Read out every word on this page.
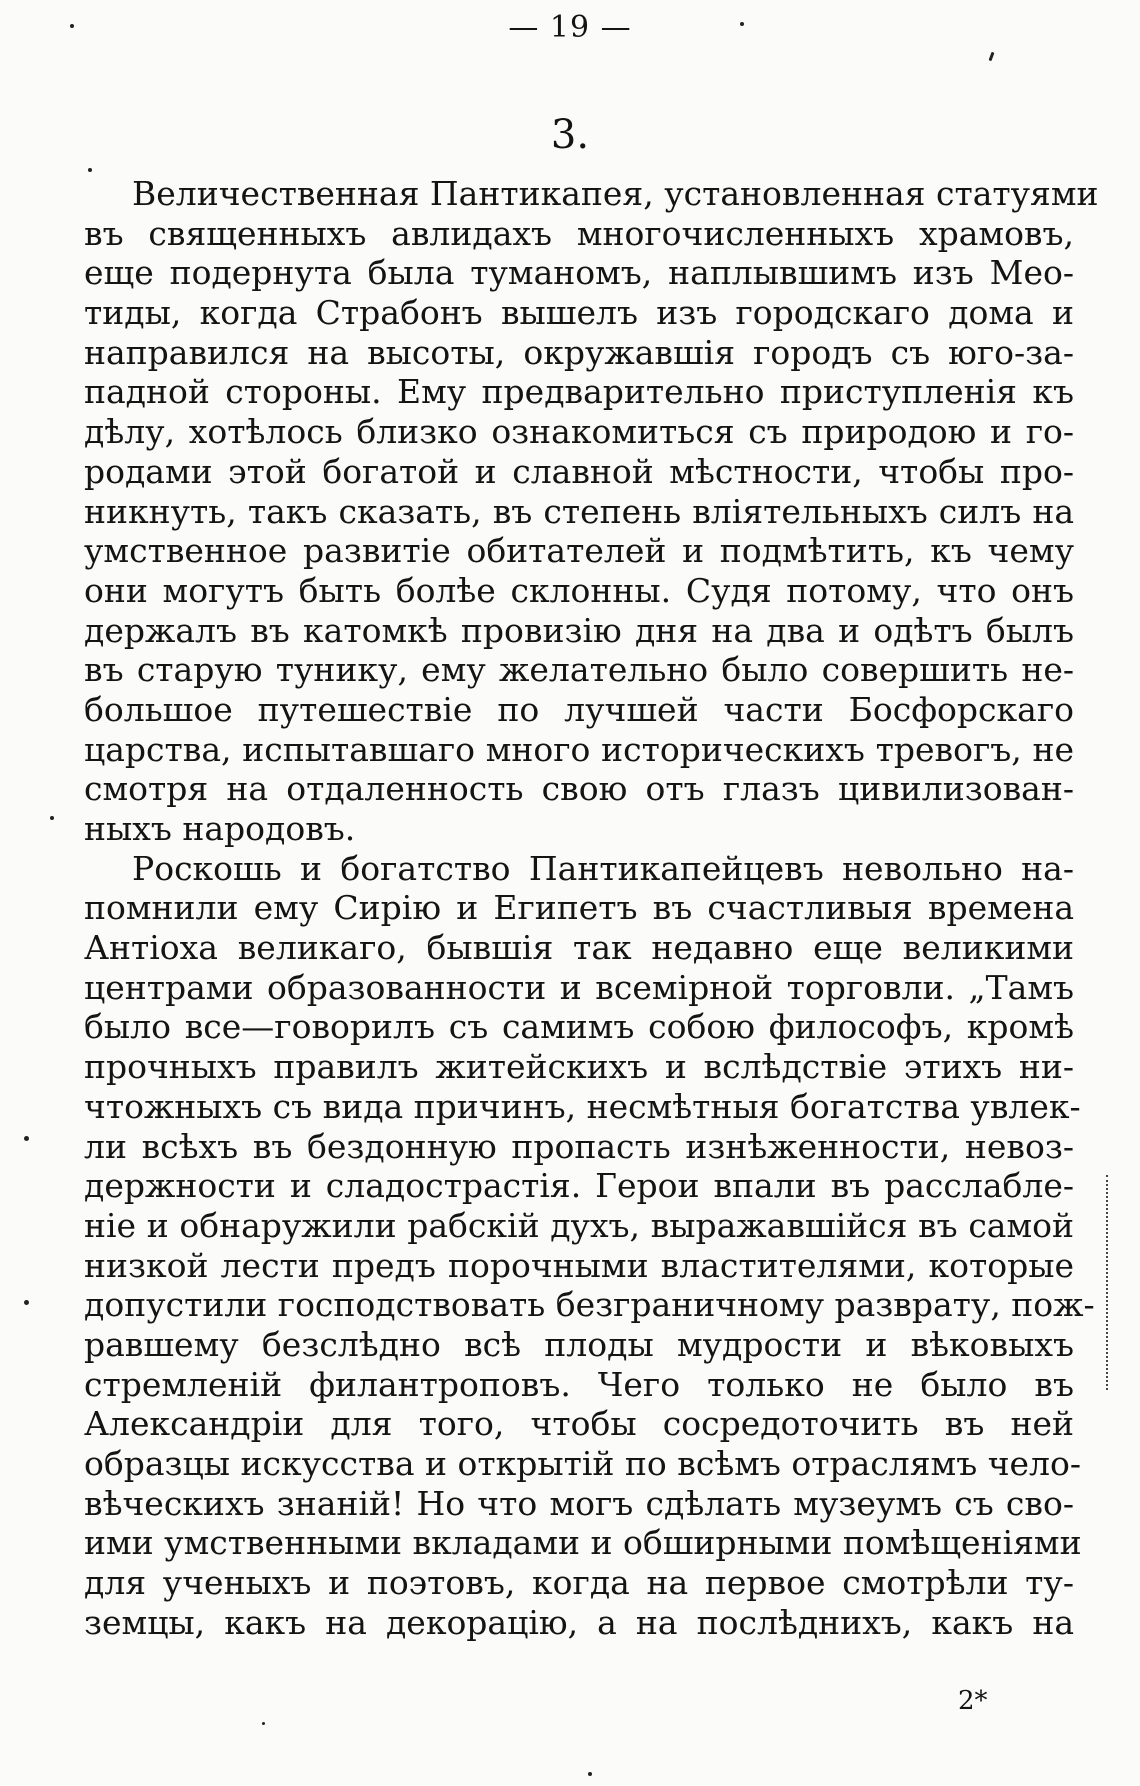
— 19 —
3.
Величественная Пантикапея, установленная статуями
въ священныхъ авлидахъ многочисленныхъ храмовъ,
еще подернута была туманомъ, наплывшимъ изъ Мео-
тиды, когда Страбонъ вышелъ изъ городскаго дома и
направился на высоты, окружавшія городъ съ юго-за-
падной стороны. Ему предварительно приступленія къ
дѣлу, хотѣлось близко ознакомиться съ природою и го-
родами этой богатой и славной мѣстности, чтобы про-
никнуть, такъ сказать, въ степень вліятельныхъ силъ на
умственное развитіе обитателей и подмѣтить, къ чему
они могутъ быть болѣе склонны. Судя потому, что онъ
держалъ въ катомкѣ провизію дня на два и одѣтъ былъ
въ старую тунику, ему желательно было совершить не-
большое путешествіе по лучшей части Босфорскаго
царства, испытавшаго много историческихъ тревогъ, не
смотря на отдаленность свою отъ глазъ цивилизован-
ныхъ народовъ.
Роскошь и богатство Пантикапейцевъ невольно на-
помнили ему Сирію и Египетъ въ счастливыя времена
Антіоха великаго, бывшія так недавно еще великими
центрами образованности и всемірной торговли. „Тамъ
было все—говорилъ съ самимъ собою философъ, кромѣ
прочныхъ правилъ житейскихъ и вслѣдствіе этихъ ни-
чтожныхъ съ вида причинъ, несмѣтныя богатства увлек-
ли всѣхъ въ бездонную пропасть изнѣженности, невоз-
держности и сладострастія. Герои впали въ расслабле-
ніе и обнаружили рабскій духъ, выражавшійся въ самой
низкой лести предъ порочными властителями, которые
допустили господствовать безграничному разврату, пож-
равшему безслѣдно всѣ плоды мудрости и вѣковыхъ
стремленій филантроповъ. Чего только не было въ
Александріи для того, чтобы сосредоточить въ ней
образцы искусства и открытій по всѣмъ отраслямъ чело-
вѣческихъ знаній! Но что могъ сдѣлать музеумъ съ сво-
ими умственными вкладами и обширными помѣщеніями
для ученыхъ и поэтовъ, когда на первое смотрѣли ту-
земцы, какъ на декорацію, а на послѣднихъ, какъ на
2*
